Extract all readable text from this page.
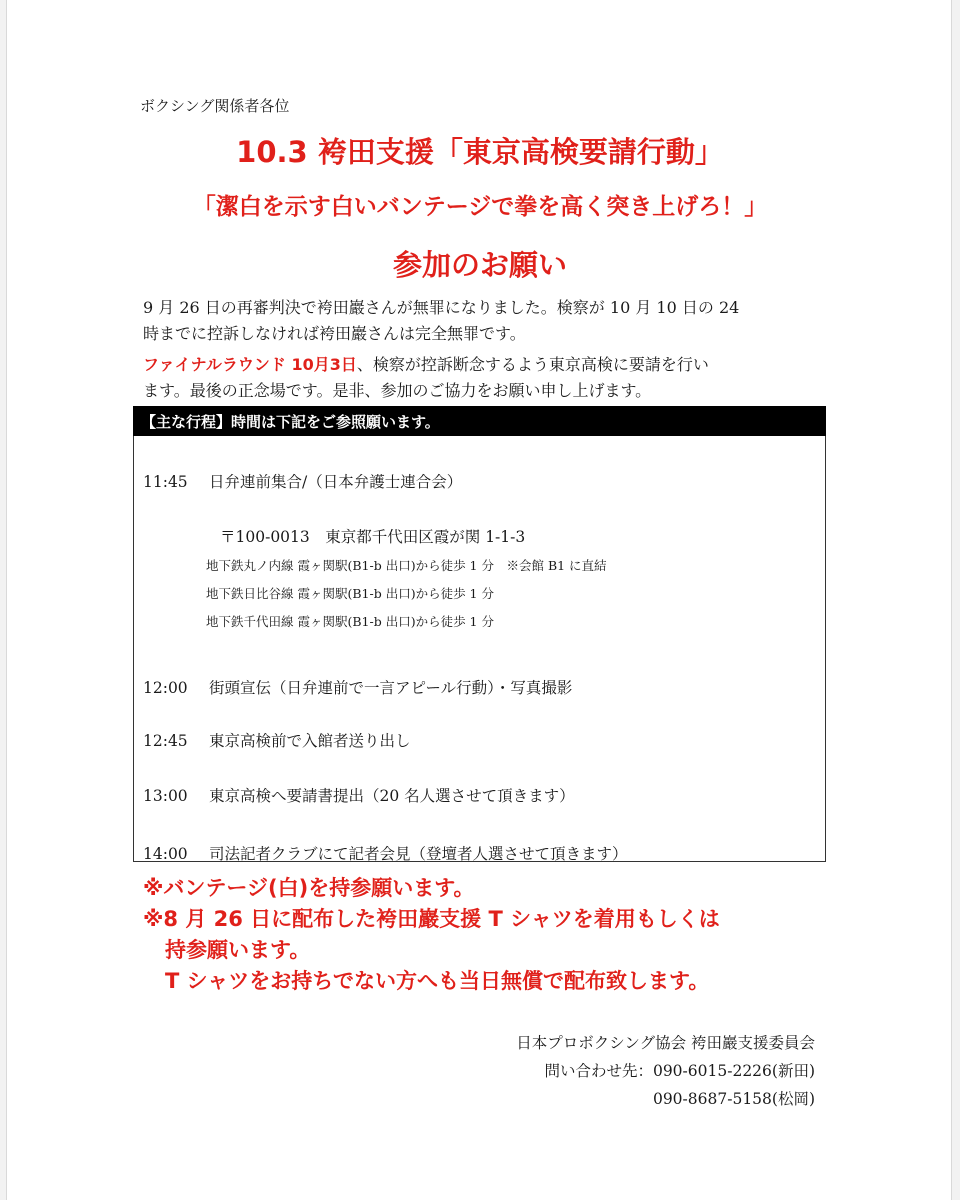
ボクシング関係者各位
10.3 袴田支援「東京高検要請行動」
「潔白を示す白いバンテージで拳を高く突き上げろ！」
参加のお願い
9 月 26 日の再審判決で袴田巖さんが無罪になりました。検察が 10 月 10 日の 24
時までに控訴しなければ袴田巖さんは完全無罪です。
ファイナルラウンド 10月3日、検察が控訴断念するよう東京高検に要請を行い
ます。最後の正念場です。是非、参加のご協力をお願い申し上げます。
【主な行程】時間は下記をご参照願います。
11:45 日弁連前集合/（日本弁護士連合会）
〒100-0013　東京都千代田区霞が関 1-1-3
地下鉄丸ノ内線 霞ヶ関駅(B1-b 出口)から徒歩 1 分　※会館 B1 に直結
地下鉄日比谷線 霞ヶ関駅(B1-b 出口)から徒歩 1 分
地下鉄千代田線 霞ヶ関駅(B1-b 出口)から徒歩 1 分
12:00 街頭宣伝（日弁連前で一言アピール行動）・写真撮影
12:45 東京高検前で入館者送り出し
13:00 東京高検へ要請書提出（20 名人選させて頂きます）
14:00 司法記者クラブにて記者会見（登壇者人選させて頂きます）
※バンテージ(白)を持参願います。
※8 月 26 日に配布した袴田巖支援 T シャツを着用もしくは
持参願います。
T シャツをお持ちでない方へも当日無償で配布致します。
日本プロボクシング協会 袴田巖支援委員会
問い合わせ先：090-6015-2226(新田)
090-8687-5158(松岡)
